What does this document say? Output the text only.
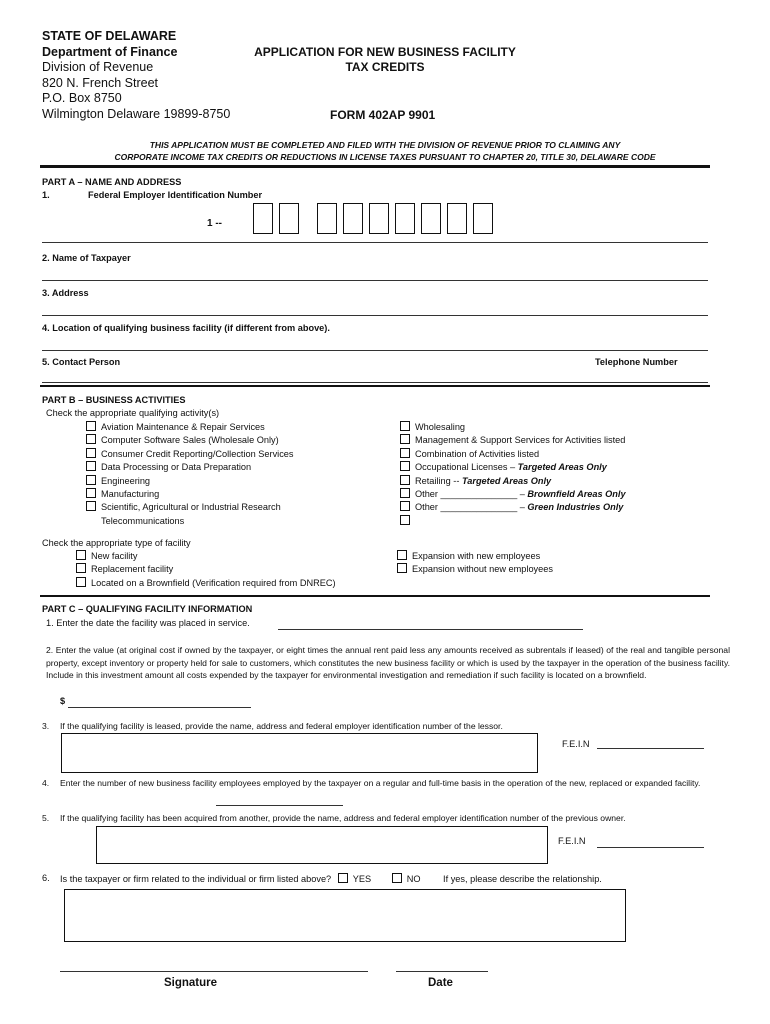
STATE OF DELAWARE
Department of Finance
Division of Revenue
820 N. French Street
P.O. Box 8750
Wilmington Delaware 19899-8750
APPLICATION FOR NEW BUSINESS FACILITY
TAX CREDITS
FORM 402AP 9901
THIS APPLICATION MUST BE COMPLETED AND FILED WITH THE DIVISION OF REVENUE PRIOR TO CLAIMING ANY
CORPORATE INCOME TAX CREDITS OR REDUCTIONS IN LICENSE TAXES PURSUANT TO CHAPTER 20, TITLE 30, DELAWARE CODE
PART A – NAME AND ADDRESS
1.	Federal Employer Identification Number
1 --
2. Name of Taxpayer
3. Address
4. Location of qualifying business facility (if different from above).
5. Contact Person	Telephone Number
PART B – BUSINESS ACTIVITIES
Check the appropriate qualifying activity(s)
Aviation Maintenance & Repair Services
Computer Software Sales (Wholesale Only)
Consumer Credit Reporting/Collection Services
Data Processing or Data Preparation
Engineering
Manufacturing
Scientific, Agricultural or Industrial Research
Telecommunications
Wholesaling
Management & Support Services for Activities listed
Combination of Activities listed
Occupational Licenses – Targeted Areas Only
Retailing -- Targeted Areas Only
Other _______________ – Brownfield Areas Only
Other _______________ – Green Industries Only
Check the appropriate type of facility
New facility
Replacement facility
Located on a Brownfield (Verification required from DNREC)
Expansion with new employees
Expansion without new employees
PART C – QUALIFYING FACILITY INFORMATION
1. Enter the date the facility was placed in service.
2. Enter the value (at original cost if owned by the taxpayer, or eight times the annual rent paid less any amounts received as subrentals if leased) of the real and tangible personal property, except inventory or property held for sale to customers, which constitutes the new business facility or which is used by the taxpayer in the operation of the business facility. Include in this investment amount all costs expended by the taxpayer for environmental investigation and remediation if such facility is located on a brownfield.
$
3. If the qualifying facility is leased, provide the name, address and federal employer identification number of the lessor.
F.E.I.N
4. Enter the number of new business facility employees employed by the taxpayer on a regular and full-time basis in the operation of the new, replaced or expanded facility.
5. If the qualifying facility has been acquired from another, provide the name, address and federal employer identification number of the previous owner.
F.E.I.N
6. Is the taxpayer or firm related to the individual or firm listed above? YES	NO If yes, please describe the relationship.
Signature	Date
